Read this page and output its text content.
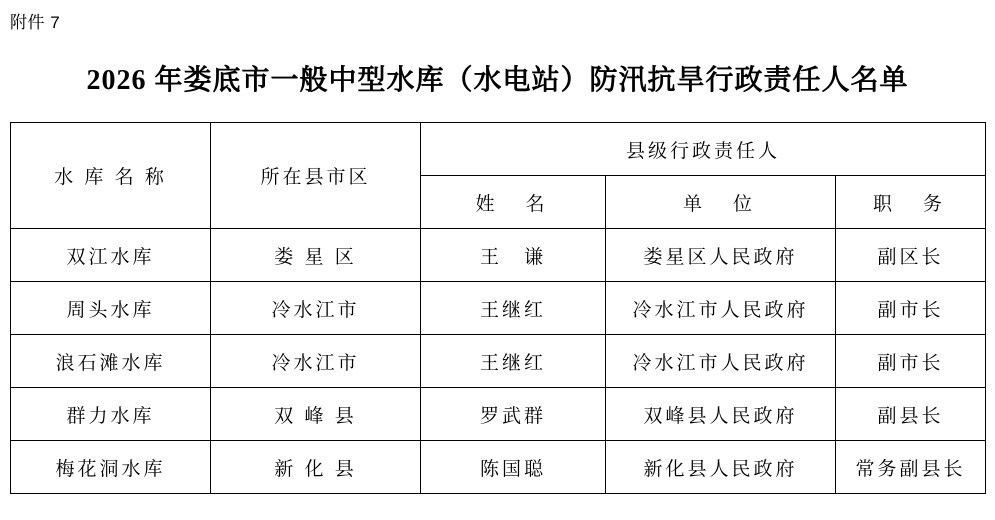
附件 7
2026 年娄底市一般中型水库（水电站）防汛抗旱行政责任人名单
水 库 名 称	所在县市区	县级行政责任人		
		姓　名	单　位	职　务
双江水库	娄 星 区	王　谦	娄星区人民政府	副区长
周头水库	冷水江市	王继红	冷水江市人民政府	副市长
浪石滩水库	冷水江市	王继红	冷水江市人民政府	副市长
群力水库	双 峰 县	罗武群	双峰县人民政府	副县长
梅花洞水库	新 化 县	陈国聪	新化县人民政府	常务副县长
